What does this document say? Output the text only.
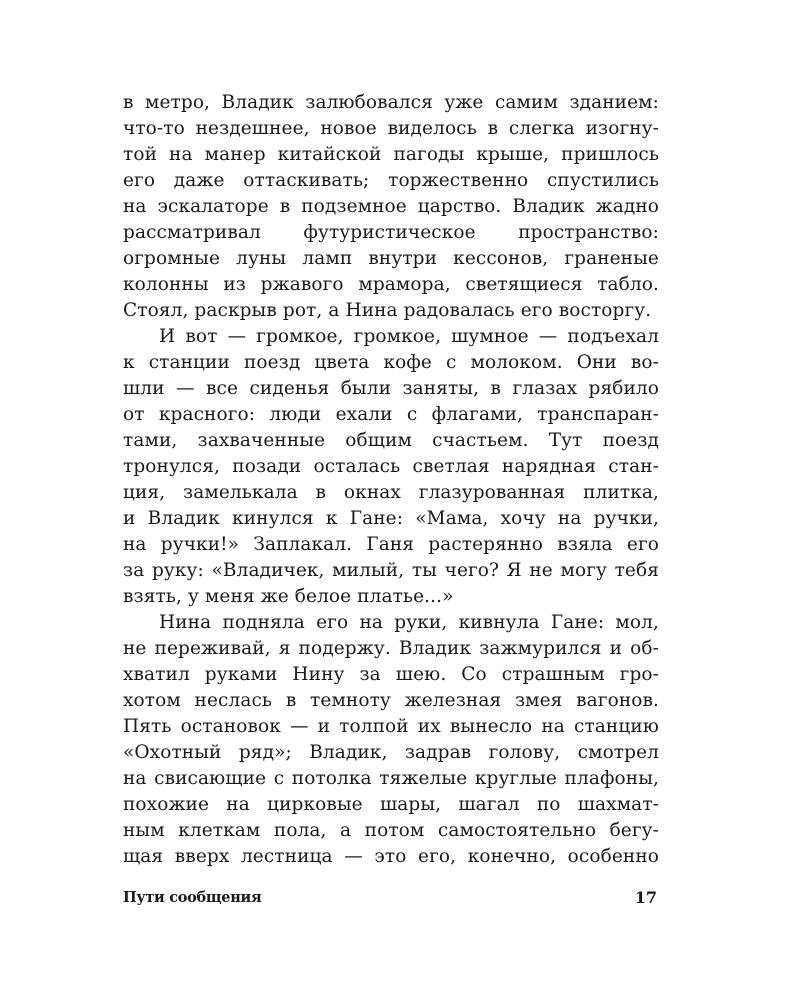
в метро, Владик залюбовался уже самим зданием:
что-то нездешнее, новое виделось в слегка изогну-
той на манер китайской пагоды крыше, пришлось
его даже оттаскивать; торжественно спустились
на эскалаторе в подземное царство. Владик жадно
рассматривал футуристическое пространство:
огромные луны ламп внутри кессонов, граненые
колонны из ржавого мрамора, светящиеся табло.
Стоял, раскрыв рот, а Нина радовалась его восторгу.
И вот — громкое, громкое, шумное — подъехал
к станции поезд цвета кофе с молоком. Они во-
шли — все сиденья были заняты, в глазах рябило
от красного: люди ехали с флагами, транспаран-
тами, захваченные общим счастьем. Тут поезд
тронулся, позади осталась светлая нарядная стан-
ция, замелькала в окнах глазурованная плитка,
и Владик кинулся к Гане: «Мама, хочу на ручки,
на ручки!» Заплакал. Ганя растерянно взяла его
за руку: «Владичек, милый, ты чего? Я не могу тебя
взять, у меня же белое платье...»
Нина подняла его на руки, кивнула Гане: мол,
не переживай, я подержу. Владик зажмурился и об-
хватил руками Нину за шею. Со страшным гро-
хотом неслась в темноту железная змея вагонов.
Пять остановок — и толпой их вынесло на станцию
«Охотный ряд»; Владик, задрав голову, смотрел
на свисающие с потолка тяжелые круглые плафоны,
похожие на цирковые шары, шагал по шахмат-
ным клеткам пола, а потом самостоятельно бегу-
щая вверх лестница — это его, конечно, особенно
Пути сообщения	17
